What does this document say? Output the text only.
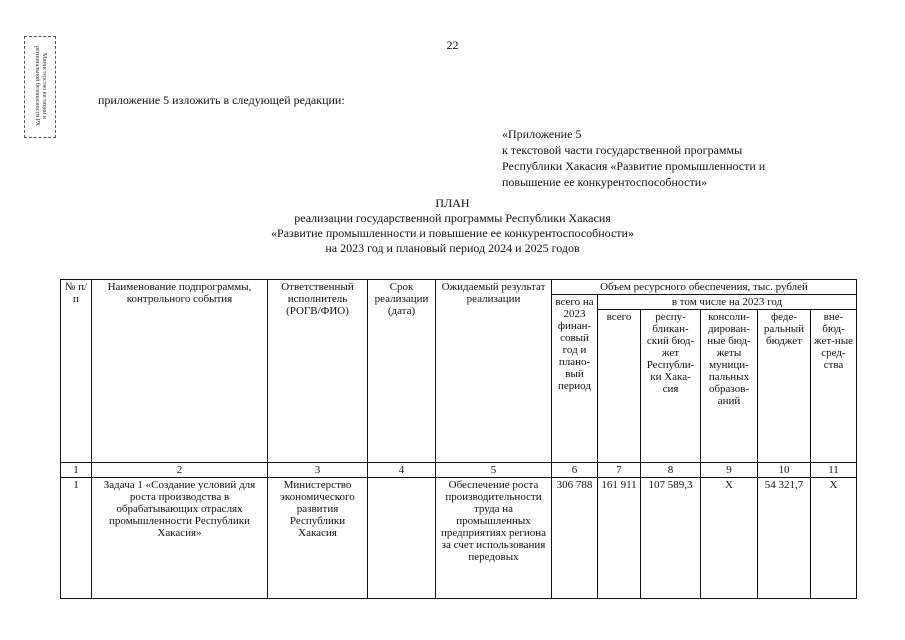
Министерство юстиции и региональной безопасности РХ
22
приложение 5 изложить в следующей редакции:
«Приложение 5
к текстовой части государственной программы
Республики Хакасия «Развитие промышленности и
повышение ее конкурентоспособности»
ПЛАН
реализации государственной программы Республики Хакасия
«Развитие промышленности и повышение ее конкурентоспособности»
на 2023 год и плановый период 2024 и 2025 годов
№ п/п	Наименование подпрограммы, контрольного события	Ответственный исполнитель (РОГВ/ФИО)	Срок реализации (дата)	Ожидаемый результат реализации	Объем ресурсного обеспечения, тыс. рублей					
					всего на 2023 финан-совый год и плано-вый период	в том числе на 2023 год				
						всего	респу-бликан-ский бюд-жет Республи-ки Хака-сия	консоли-дирован-ные бюд-жеты муници-пальных образов-аний	феде-ральный бюджет	вне-бюд-жет-ные сред-ства
1	2	3	4	5	6	7	8	9	10	11
1	Задача 1 «Создание условий для роста производства в обрабатывающих отраслях промышленности Республики Хакасия»	Министерство экономического развития Республики Хакасия		Обеспечение роста производительности труда на промышленных предприятиях региона за счет использования передовых	306 788	161 911	107 589,3	Х	54 321,7	Х
